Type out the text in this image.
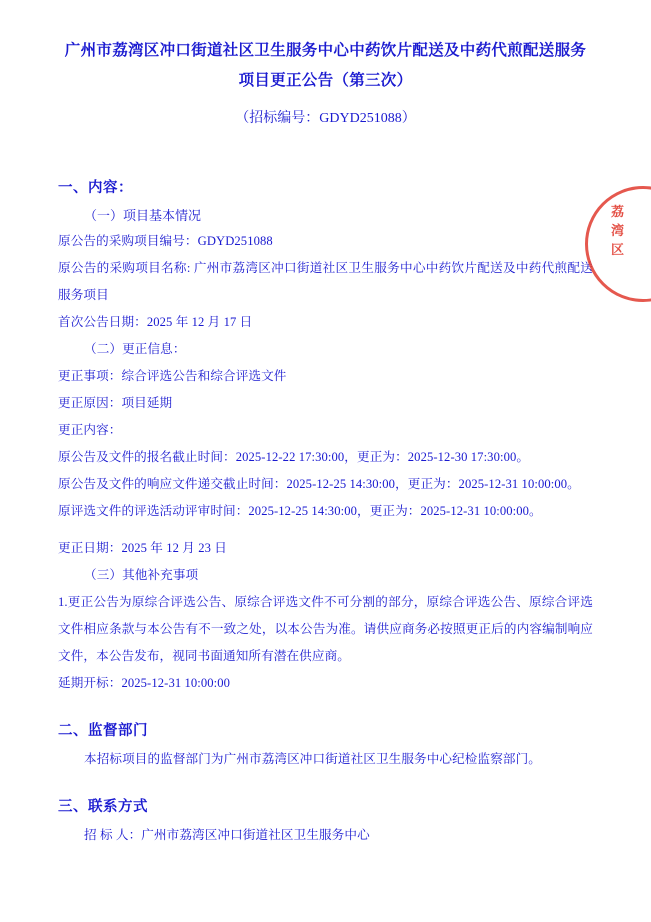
荔湾区
广州市荔湾区冲口街道社区卫生服务中心中药饮片配送及中药代煎配送服务项目更正公告（第三次）
（招标编号：GDYD251088）
一、内容：
（一）项目基本情况

原公告的采购项目编号：GDYD251088

原公告的采购项目名称: 广州市荔湾区冲口街道社区卫生服务中心中药饮片配送及中药代煎配送服务项目

首次公告日期：2025 年 12 月 17 日

（二）更正信息：

更正事项：综合评选公告和综合评选文件

更正原因：项目延期

更正内容：

原公告及文件的报名截止时间：2025-12-22 17:30:00，更正为：2025-12-30 17:30:00。

原公告及文件的响应文件递交截止时间：2025-12-25 14:30:00，更正为：2025-12-31 10:00:00。

原评选文件的评选活动评审时间：2025-12-25 14:30:00，更正为：2025-12-31 10:00:00。

更正日期：2025 年 12 月 23 日

（三）其他补充事项

1.更正公告为原综合评选公告、原综合评选文件不可分割的部分，原综合评选公告、原综合评选文件相应条款与本公告有不一致之处，以本公告为准。请供应商务必按照更正后的内容编制响应文件，本公告发布，视同书面通知所有潜在供应商。

延期开标：2025-12-31 10:00:00

二、监督部门

本招标项目的监督部门为广州市荔湾区冲口街道社区卫生服务中心纪检监察部门。

三、联系方式

招 标 人：广州市荔湾区冲口街道社区卫生服务中心
